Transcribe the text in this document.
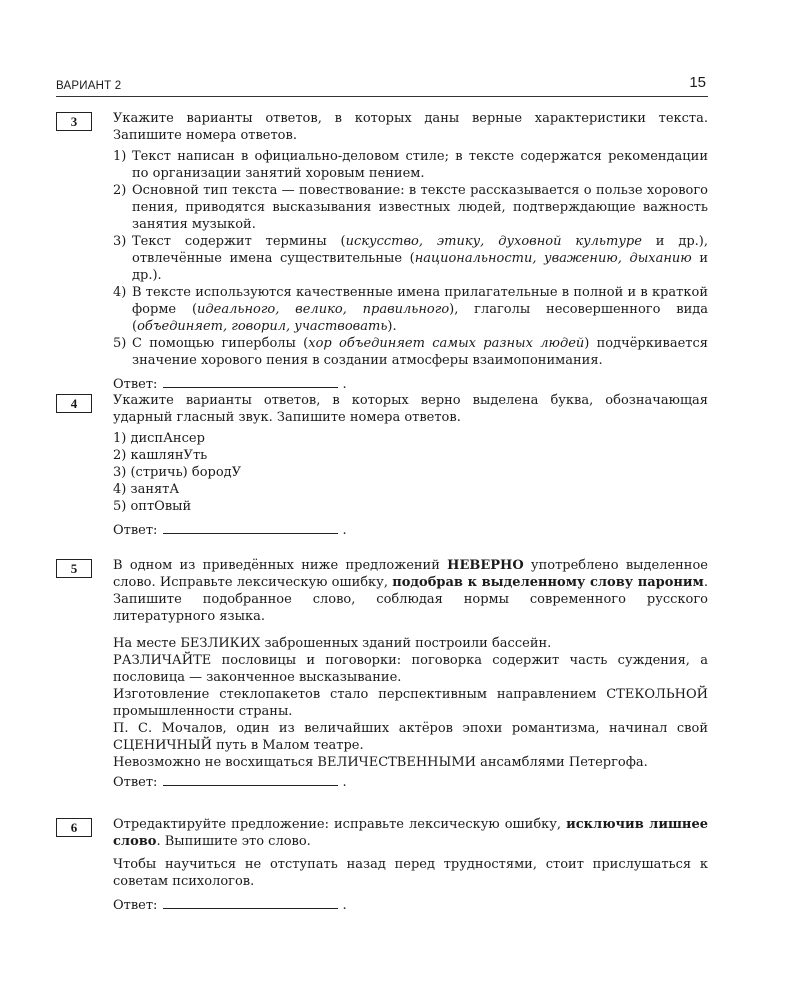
ВАРИАНТ 2	15
3	Укажите варианты ответов, в которых даны верные характеристики текста. Запишите номера ответов.

1) Текст написан в официально-деловом стиле; в тексте содержатся рекомендации по организации занятий хоровым пением.
2) Основной тип текста — повествование: в тексте рассказывается о пользе хорового пения, приводятся высказывания известных людей, подтверждающие важность занятия музыкой.
3) Текст содержит термины (искусство, этику, духовной культуре и др.), отвлечённые имена существительные (национальности, уважению, дыханию и др.).
4) В тексте используются качественные имена прилагательные в полной и в краткой форме (идеального, велико, правильного), глаголы несовершенного вида (объединяет, говорил, участвовать).
5) С помощью гиперболы (хор объединяет самых разных людей) подчёркивается значение хорового пения в создании атмосферы взаимопонимания.
Ответ:	.
4	Укажите варианты ответов, в которых верно выделена буква, обозначающая ударный гласный звук. Запишите номера ответов.

1) диспАнсер
2) кашлянУть
3) (стричь) бородУ
4) занятА
5) оптОвый
Ответ:	.
5	В одном из приведённых ниже предложений НЕВЕРНО употреблено выделенное слово. Исправьте лексическую ошибку, подобрав к выделенному слову пароним. Запишите подобранное слово, соблюдая нормы современного русского литературного языка.

На месте БЕЗЛИКИХ заброшенных зданий построили бассейн.

РАЗЛИЧАЙТЕ пословицы и поговорки: поговорка содержит часть суждения, а пословица — законченное высказывание.

Изготовление стеклопакетов стало перспективным направлением СТЕКОЛЬНОЙ промышленности страны.

П. С. Мочалов, один из величайших актёров эпохи романтизма, начинал свой СЦЕНИЧНЫЙ путь в Малом театре.

Невозможно не восхищаться ВЕЛИЧЕСТВЕННЫМИ ансамблями Петергофа.

Ответ:	.
6	Отредактируйте предложение: исправьте лексическую ошибку, исключив лишнее слово. Выпишите это слово.

Чтобы научиться не отступать назад перед трудностями, стоит прислушаться к советам психологов.

Ответ:	.
